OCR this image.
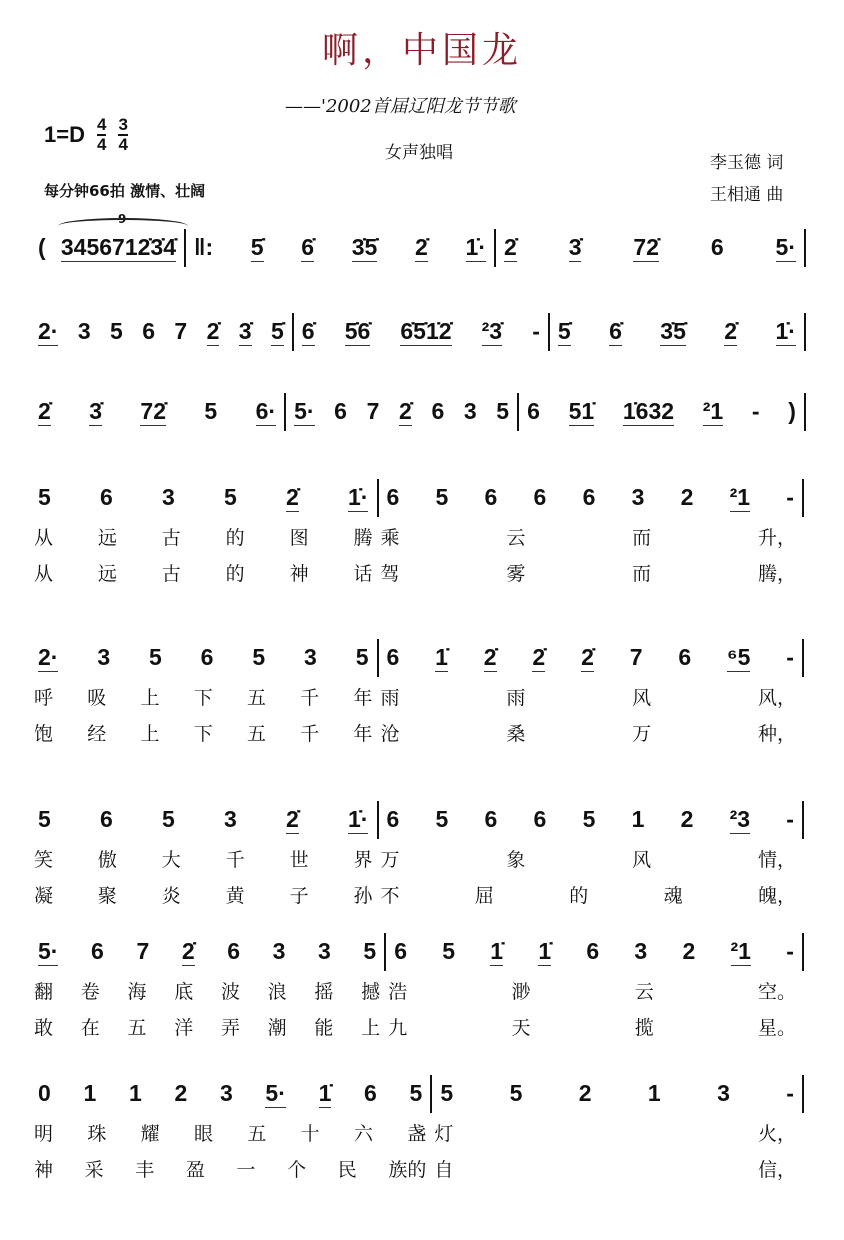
啊，中国龙
——'2002首届辽阳龙节节歌
$1=D \frac{4}{4} \frac{3}{4}$	女声独唱	李玉德 词
王相通 曲
每分钟66拍 激情、壮阔
( 3456712̇3̇4̇ ‖: 5̇ 6̇ 3̇5̇ 2̇ 1̇· 2̇ 3̇ 72̇ 6 5·
9
2· 3 5 6 7 2̇ 3̇ 5̇ 6̇ 5̇6̇ 6̇5̇1̇2̇ ²3̇ - 5̇ 6̇ 3̇5̇ 2̇ 1̇·
2̇ 3̇ 72̇ 5 6· 5· 6 7 2̇ 6 3 5 6 51̇ 1̇632 ²1 - )
5 6 3 5 2̇ 1̇· 6 5 6 6 6 3 2 ²1 -
从 远 古 的 图 腾 乘	云	而	升，
从 远 古 的 神 话 驾	雾	而	腾，
2· 3 5 6 5 3 5 6 1̇ 2̇ 2̇ 2̇ 7 6 ⁶5 -
呼 吸 上 下 五 千 年 雨	雨	风	风，
饱 经 上 下 五 千 年 沧	桑	万	种，
5 6 5 3 2̇ 1̇· 6 5 6 6 5 1 2 ²3 -
笑 傲 大 千 世 界 万	象	风	情，
凝 聚 炎 黄 子 孙 不	屈	的	魂	魄，
5· 6 7 2̇ 6 3 3 5 6 5 1̇ 1̇ 6 3 2 ²1 -
翻 卷 海 底 波 浪 摇 撼 浩	渺	云	空。
敢 在 五 洋 弄 潮 能 上 九	天	揽	星。
0 1 1 2 3 5· 1̇ 6 5 5 5 2 1 3 -
明 珠 耀 眼 五 十 六 盏 灯	火，
神 采 丰 盈 一 个 民 族的 自	信，
